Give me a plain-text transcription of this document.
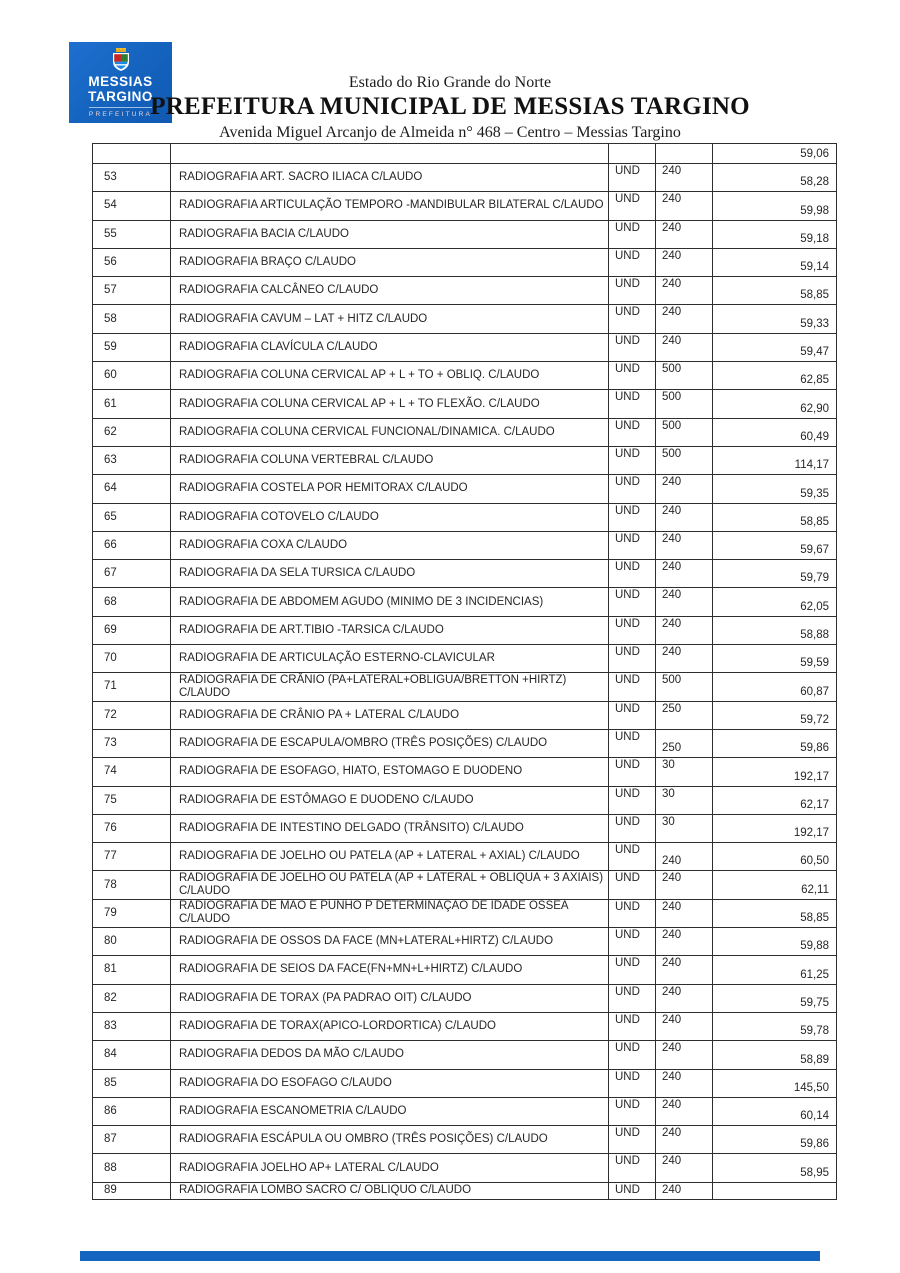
MESSIAS
TARGINO
PREFEITURA
Estado do Rio Grande do Norte
PREFEITURA MUNICIPAL DE MESSIAS TARGINO
Avenida Miguel Arcanjo de Almeida n° 468 – Centro – Messias Targino
				59,06
53	RADIOGRAFIA ART. SACRO ILIACA C/LAUDO	UND	240	58,28
54	RADIOGRAFIA ARTICULAÇÃO TEMPORO -MANDIBULAR BILATERAL C/LAUDO	UND	240	59,98
55	RADIOGRAFIA BACIA C/LAUDO	UND	240	59,18
56	RADIOGRAFIA BRAÇO C/LAUDO	UND	240	59,14
57	RADIOGRAFIA CALCÂNEO C/LAUDO	UND	240	58,85
58	RADIOGRAFIA CAVUM – LAT + HITZ C/LAUDO	UND	240	59,33
59	RADIOGRAFIA CLAVÍCULA C/LAUDO	UND	240	59,47
60	RADIOGRAFIA COLUNA CERVICAL AP + L + TO + OBLIQ. C/LAUDO	UND	500	62,85
61	RADIOGRAFIA COLUNA CERVICAL AP + L + TO FLEXÃO. C/LAUDO	UND	500	62,90
62	RADIOGRAFIA COLUNA CERVICAL FUNCIONAL/DINAMICA. C/LAUDO	UND	500	60,49
63	RADIOGRAFIA COLUNA VERTEBRAL C/LAUDO	UND	500	114,17
64	RADIOGRAFIA COSTELA POR HEMITORAX C/LAUDO	UND	240	59,35
65	RADIOGRAFIA COTOVELO C/LAUDO	UND	240	58,85
66	RADIOGRAFIA COXA C/LAUDO	UND	240	59,67
67	RADIOGRAFIA DA SELA TURSICA C/LAUDO	UND	240	59,79
68	RADIOGRAFIA DE ABDOMEM AGUDO (MINIMO DE 3 INCIDENCIAS)	UND	240	62,05
69	RADIOGRAFIA DE ART.TIBIO -TARSICA C/LAUDO	UND	240	58,88
70	RADIOGRAFIA DE ARTICULAÇÃO ESTERNO-CLAVICULAR	UND	240	59,59
71	RADIOGRAFIA DE CRÂNIO (PA+LATERAL+OBLIGUA/BRETTON +HIRTZ) C/LAUDO	UND	500	60,87
72	RADIOGRAFIA DE CRÂNIO PA + LATERAL C/LAUDO	UND	250	59,72
73	RADIOGRAFIA DE ESCAPULA/OMBRO (TRÊS POSIÇÕES) C/LAUDO	UND	250	59,86
74	RADIOGRAFIA DE ESOFAGO, HIATO, ESTOMAGO E DUODENO	UND	30	192,17
75	RADIOGRAFIA DE ESTÔMAGO E DUODENO C/LAUDO	UND	30	62,17
76	RADIOGRAFIA DE INTESTINO DELGADO (TRÂNSITO) C/LAUDO	UND	30	192,17
77	RADIOGRAFIA DE JOELHO OU PATELA (AP + LATERAL + AXIAL) C/LAUDO	UND	240	60,50
78	RADIOGRAFIA DE JOELHO OU PATELA (AP + LATERAL + OBLIQUA + 3 AXIAIS) C/LAUDO	UND	240	62,11
79	RADIOGRAFIA DE MÃO E PUNHO P DETERMINAÇÃO DE IDADE OSSEA C/LAUDO	UND	240	58,85
80	RADIOGRAFIA DE OSSOS DA FACE (MN+LATERAL+HIRTZ) C/LAUDO	UND	240	59,88
81	RADIOGRAFIA DE SEIOS DA FACE(FN+MN+L+HIRTZ) C/LAUDO	UND	240	61,25
82	RADIOGRAFIA DE TORAX (PA PADRAO OIT) C/LAUDO	UND	240	59,75
83	RADIOGRAFIA DE TORAX(APICO-LORDORTICA) C/LAUDO	UND	240	59,78
84	RADIOGRAFIA DEDOS DA MÃO C/LAUDO	UND	240	58,89
85	RADIOGRAFIA DO ESOFAGO C/LAUDO	UND	240	145,50
86	RADIOGRAFIA ESCANOMETRIA C/LAUDO	UND	240	60,14
87	RADIOGRAFIA ESCÁPULA OU OMBRO (TRÊS POSIÇÕES) C/LAUDO	UND	240	59,86
88	RADIOGRAFIA JOELHO AP+ LATERAL C/LAUDO	UND	240	58,95
89	RADIOGRAFIA LOMBO SACRO C/ OBLIQUO C/LAUDO	UND	240	
